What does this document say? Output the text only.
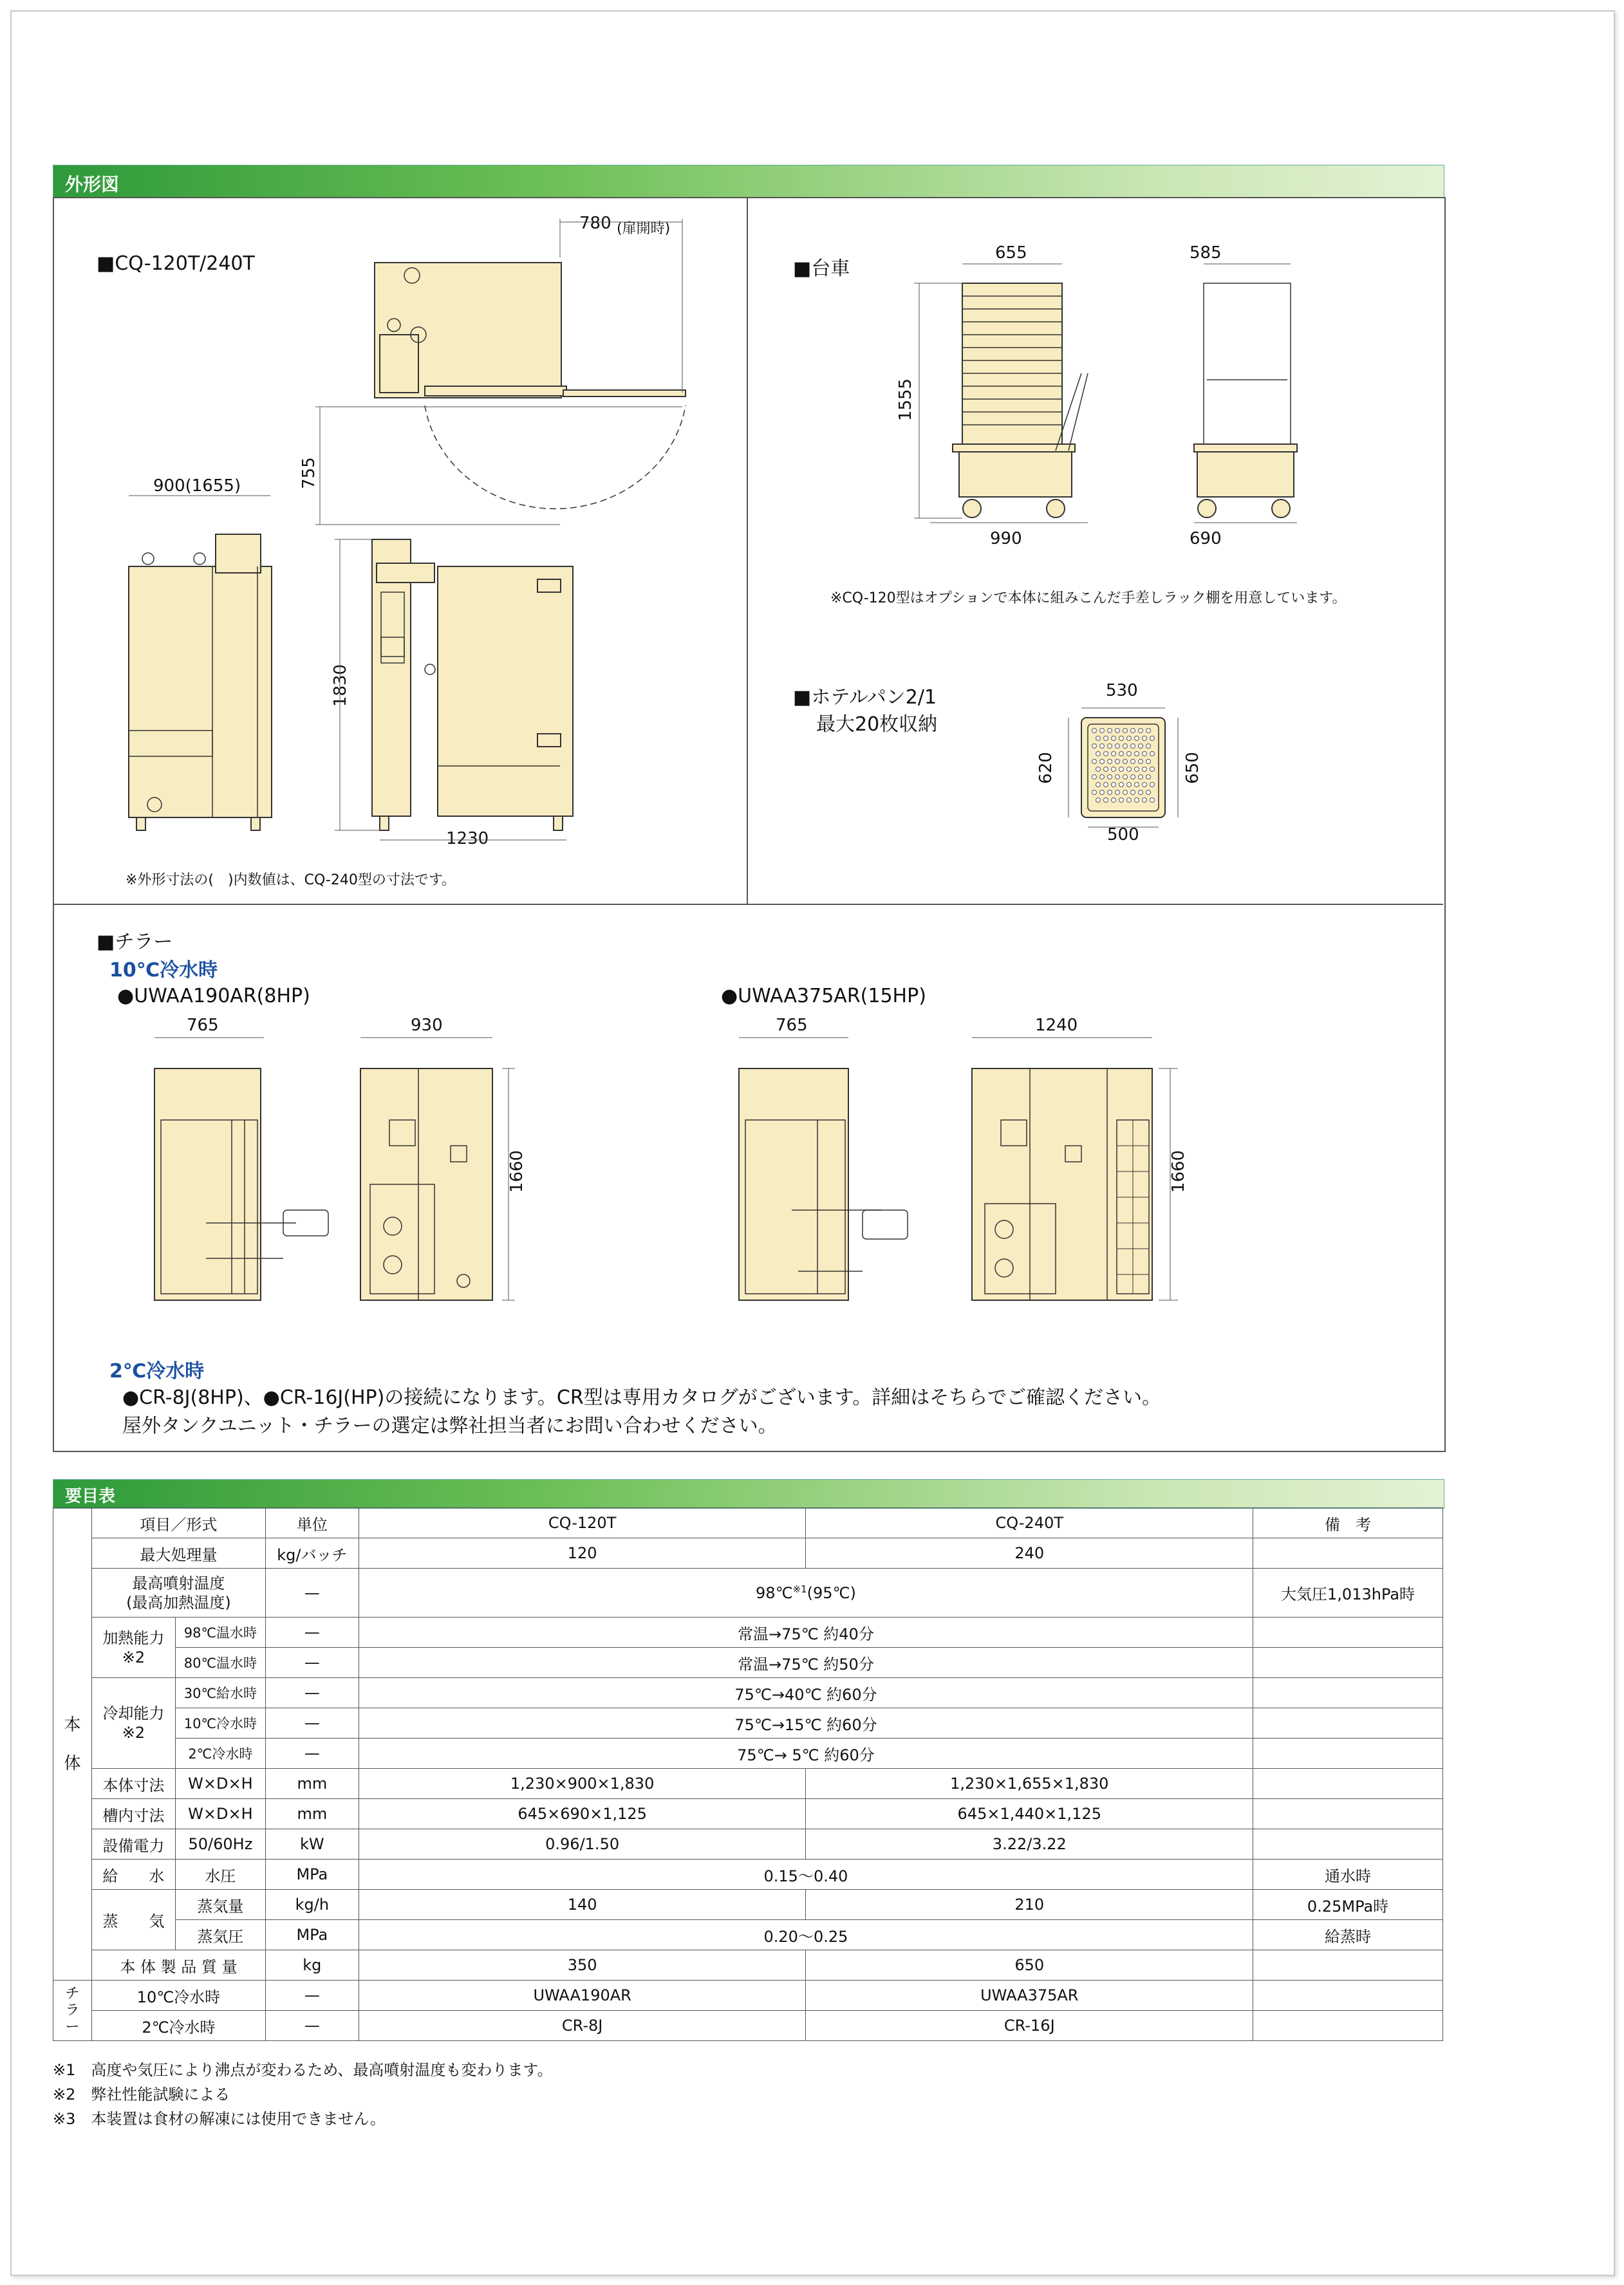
外形図
■CQ-120T/240T
780 (扉開時)
900(1655)	755
1830
1230
※外形寸法の(　)内数値は、CQ-240型の寸法です。
■台車
655	585
1555
990	690
※CQ-120型はオプションで本体に組みこんだ手差しラック棚を用意しています。
■ホテルパン2/1
最大20枚収納
530
620	650
500
■チラー
10℃冷水時
●UWAA190AR(8HP)	●UWAA375AR(15HP)
765	930
1660
765	1240
1660
2℃冷水時
●CR-8J(8HP)、●CR-16J(HP)の接続になります。CR型は専用カタログがございます。詳細はそちらでご確認ください。
屋外タンクユニット・チラーの選定は弊社担当者にお問い合わせください。
要目表
本
体	項目／形式		単位	CQ-120T	CQ-240T	備　考
	最大処理量		kg/バッチ	120	240	
	最高噴射温度
(最高加熱温度)		—	98℃$^{※1}$(95℃)		大気圧1,013hPa時
	加熱能力
※2	98℃温水時	—	常温→75℃ 約40分		
		80℃温水時	—	常温→75℃ 約50分		
	冷却能力
※2	30℃給水時	—	75℃→40℃ 約60分		
		10℃冷水時	—	75℃→15℃ 約60分		
		2℃冷水時	—	75℃→ 5℃ 約60分		
	本体寸法	W×D×H	mm	1,230×900×1,830	1,230×1,655×1,830	
	槽内寸法	W×D×H	mm	645×690×1,125	645×1,440×1,125	
	設備電力	50/60Hz	kW	0.96/1.50	3.22/3.22	
	給　　水	水圧	MPa	0.15〜0.40		通水時
	蒸　　気	蒸気量	kg/h	140	210	0.25MPa時
		蒸気圧	MPa	0.20〜0.25		給蒸時
	本 体 製 品 質 量		kg	350	650	
チ
ラ
ー	10℃冷水時		—	UWAA190AR	UWAA375AR	
	2℃冷水時		—	CR-8J	CR-16J	
※1　高度や気圧により沸点が変わるため、最高噴射温度も変わります。
※2　弊社性能試験による
※3　本装置は食材の解凍には使用できません。
